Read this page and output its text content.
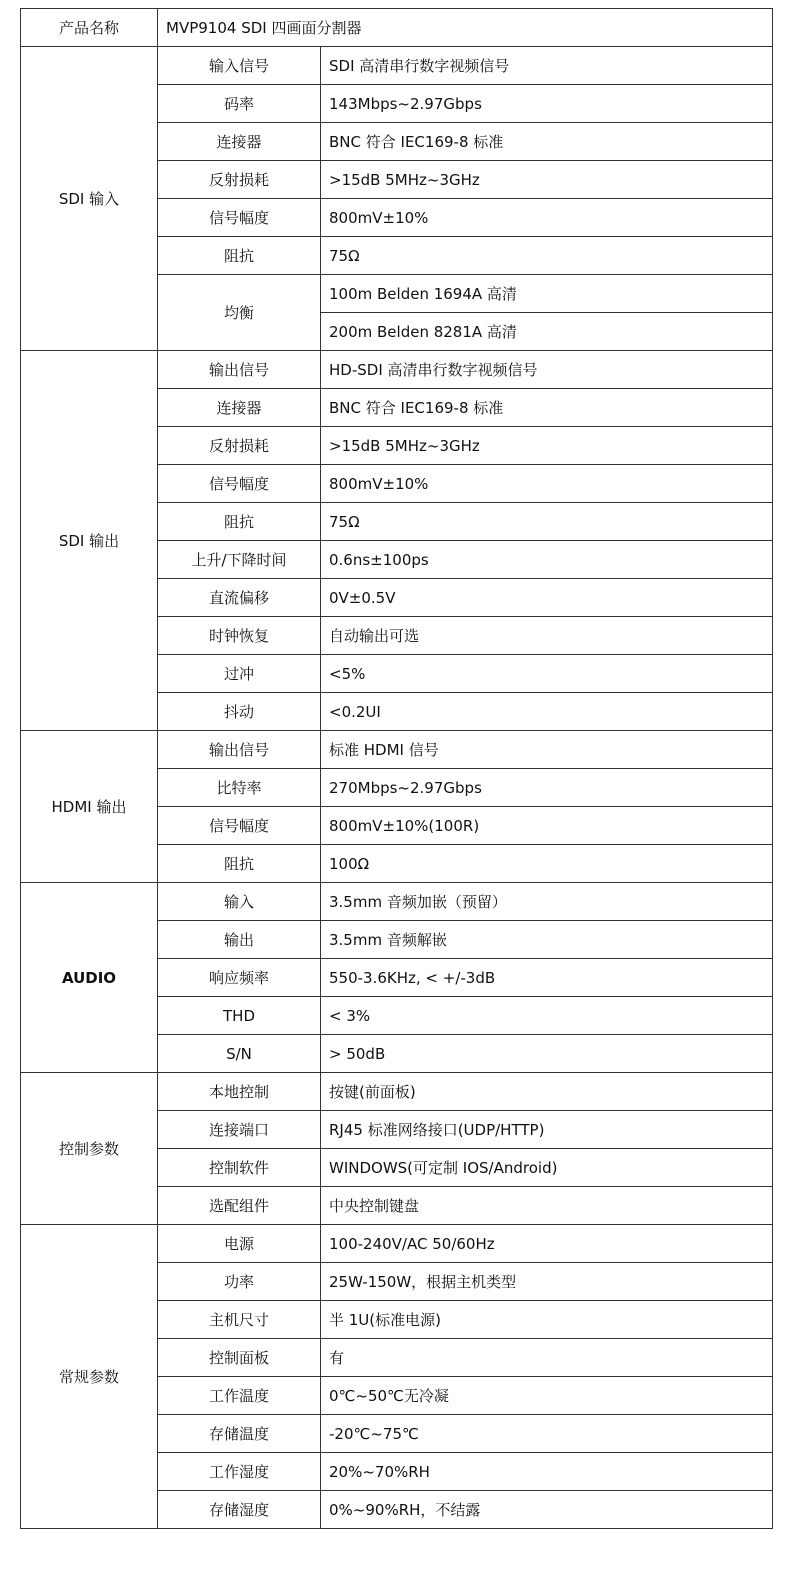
产品名称	MVP9104 SDI 四画面分割器	
SDI 输入	输入信号	SDI 高清串行数字视频信号
	码率	143Mbps~2.97Gbps
	连接器	BNC 符合 IEC169-8 标准
	反射损耗	>15dB 5MHz~3GHz
	信号幅度	800mV±10%
	阻抗	75Ω
	均衡	100m Belden 1694A 高清
		200m Belden 8281A 高清
SDI 输出	输出信号	HD-SDI 高清串行数字视频信号
	连接器	BNC 符合 IEC169-8 标准
	反射损耗	>15dB 5MHz~3GHz
	信号幅度	800mV±10%
	阻抗	75Ω
	上升/下降时间	0.6ns±100ps
	直流偏移	0V±0.5V
	时钟恢复	自动输出可选
	过冲	<5%
	抖动	<0.2UI
HDMI 输出	输出信号	标准 HDMI 信号
	比特率	270Mbps~2.97Gbps
	信号幅度	800mV±10%(100R)
	阻抗	100Ω
AUDIO	输入	3.5mm 音频加嵌（预留）
	输出	3.5mm 音频解嵌
	响应频率	550-3.6KHz, < +/-3dB
	THD	< 3%
	S/N	> 50dB
控制参数	本地控制	按键(前面板)
	连接端口	RJ45 标准网络接口(UDP/HTTP)
	控制软件	WINDOWS(可定制 IOS/Android)
	选配组件	中央控制键盘
常规参数	电源	100-240V/AC 50/60Hz
	功率	25W-150W，根据主机类型
	主机尺寸	半 1U(标准电源)
	控制面板	有
	工作温度	0℃~50℃无冷凝
	存储温度	-20℃~75℃
	工作湿度	20%~70%RH
	存储湿度	0%~90%RH，不结露
